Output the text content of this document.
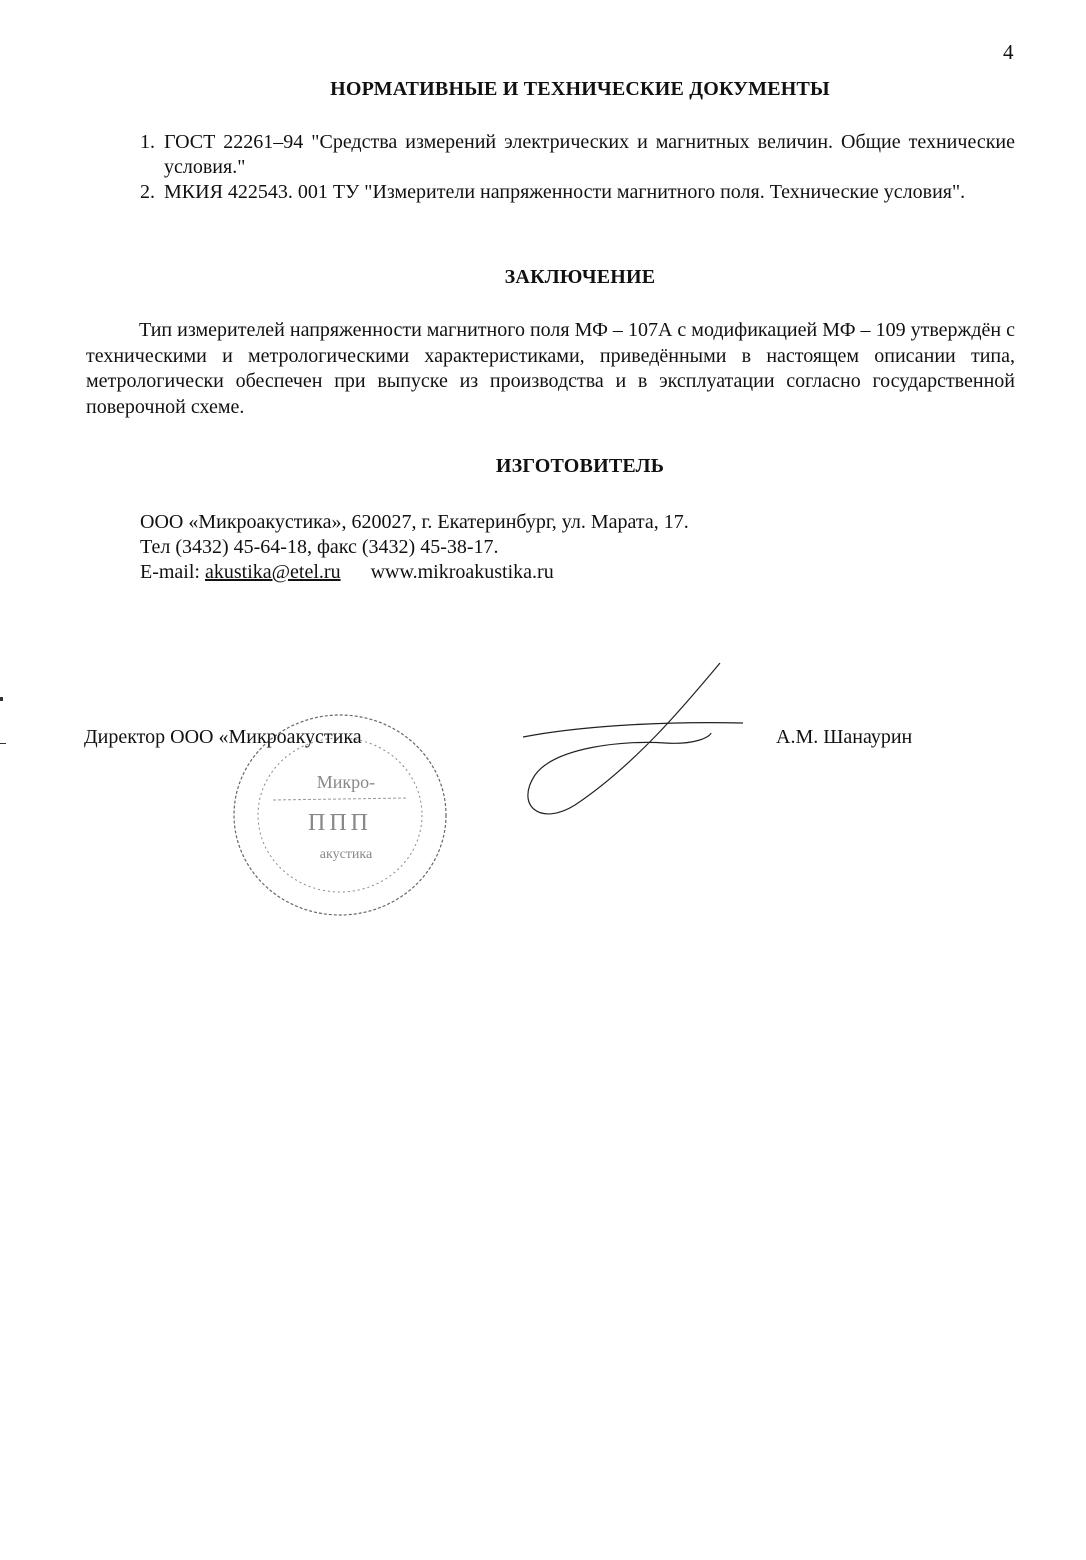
4
НОРМАТИВНЫЕ И ТЕХНИЧЕСКИЕ ДОКУМЕНТЫ
1. ГОСТ 22261–94 "Средства измерений электрических и магнитных величин. Общие технические условия."
2. МКИЯ 422543. 001 ТУ "Измерители напряженности магнитного поля. Технические условия".
ЗАКЛЮЧЕНИЕ
Тип измерителей напряженности магнитного поля МФ – 107А с модификацией МФ – 109 утверждён с техническими и метрологическими характеристиками, приведёнными в настоящем описании типа, метрологически обеспечен при выпуске из производства и в эксплуатации согласно государственной поверочной схеме.
ИЗГОТОВИТЕЛЬ
ООО «Микроакустика», 620027, г. Екатеринбург, ул. Марата, 17.
Тел (3432) 45-64-18, факс (3432) 45-38-17.
E-mail: akustika@etel.ru www.mikroakustika.ru
Микро-
ППП
акустика
Директор ООО «Микроакустика	А.М. Шанаурин
